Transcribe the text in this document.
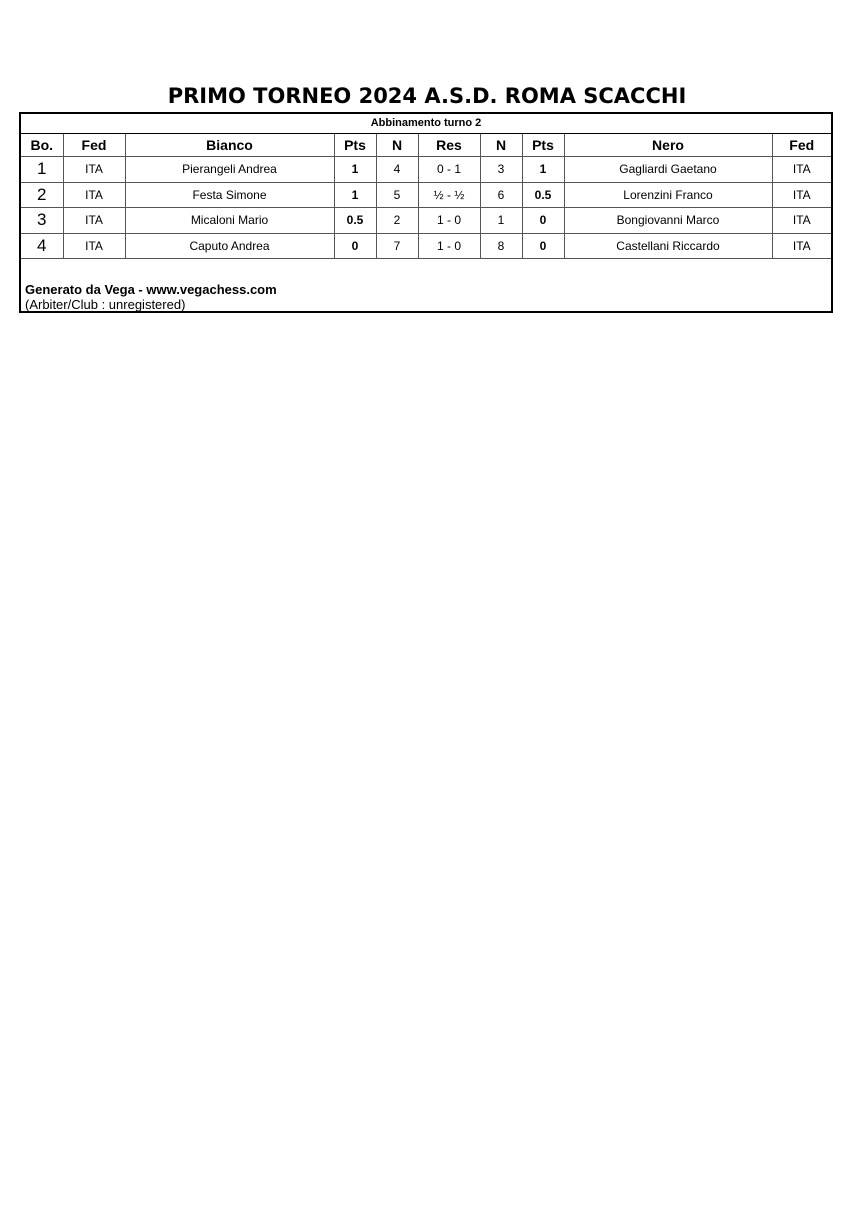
PRIMO TORNEO 2024 A.S.D. ROMA SCACCHI
Abbinamento turno 2
Bo.	Fed	Bianco	Pts	N	Res	N	Pts	Nero	Fed
1	ITA	Pierangeli Andrea	1	4	0 - 1	3	1	Gagliardi Gaetano	ITA
2	ITA	Festa Simone	1	5	½ - ½	6	0.5	Lorenzini Franco	ITA
3	ITA	Micaloni Mario	0.5	2	1 - 0	1	0	Bongiovanni Marco	ITA
4	ITA	Caputo Andrea	0	7	1 - 0	8	0	Castellani Riccardo	ITA
Generato da Vega - www.vegachess.com
(Arbiter/Club : unregistered)
